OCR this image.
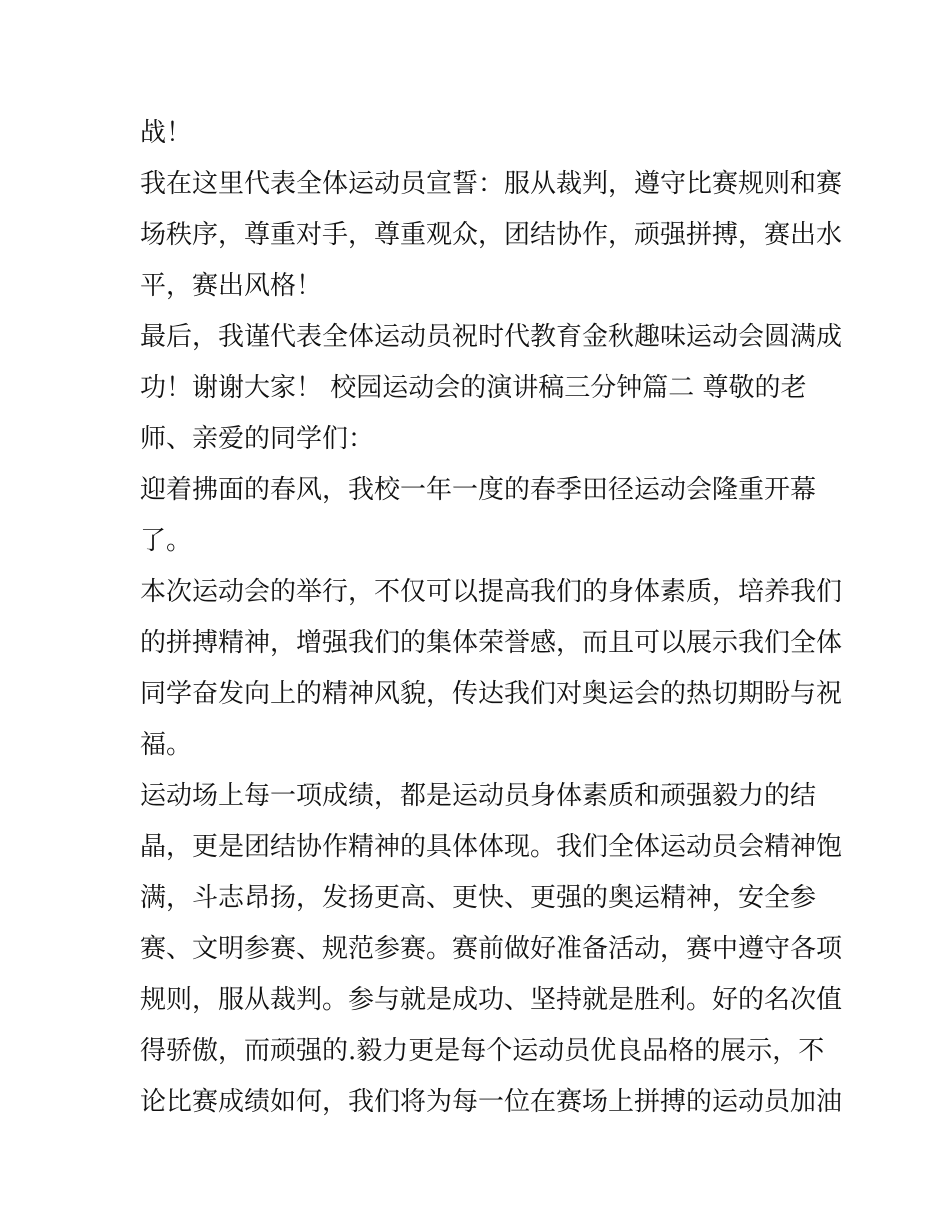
战！
我在这里代表全体运动员宣誓：服从裁判，遵守比赛规则和赛
场秩序，尊重对手，尊重观众，团结协作，顽强拼搏，赛出水
平，赛出风格！
最后，我谨代表全体运动员祝时代教育金秋趣味运动会圆满成
功！谢谢大家！ 校园运动会的演讲稿三分钟篇二 尊敬的老
师、亲爱的同学们：
迎着拂面的春风，我校一年一度的春季田径运动会隆重开幕
了。
本次运动会的举行，不仅可以提高我们的身体素质，培养我们
的拼搏精神，增强我们的集体荣誉感，而且可以展示我们全体
同学奋发向上的精神风貌，传达我们对奥运会的热切期盼与祝
福。
运动场上每一项成绩，都是运动员身体素质和顽强毅力的结
晶，更是团结协作精神的具体体现。我们全体运动员会精神饱
满，斗志昂扬，发扬更高、更快、更强的奥运精神，安全参
赛、文明参赛、规范参赛。赛前做好准备活动，赛中遵守各项
规则，服从裁判。参与就是成功、坚持就是胜利。好的名次值
得骄傲，而顽强的.毅力更是每个运动员优良品格的展示，不
论比赛成绩如何，我们将为每一位在赛场上拼搏的运动员加油
